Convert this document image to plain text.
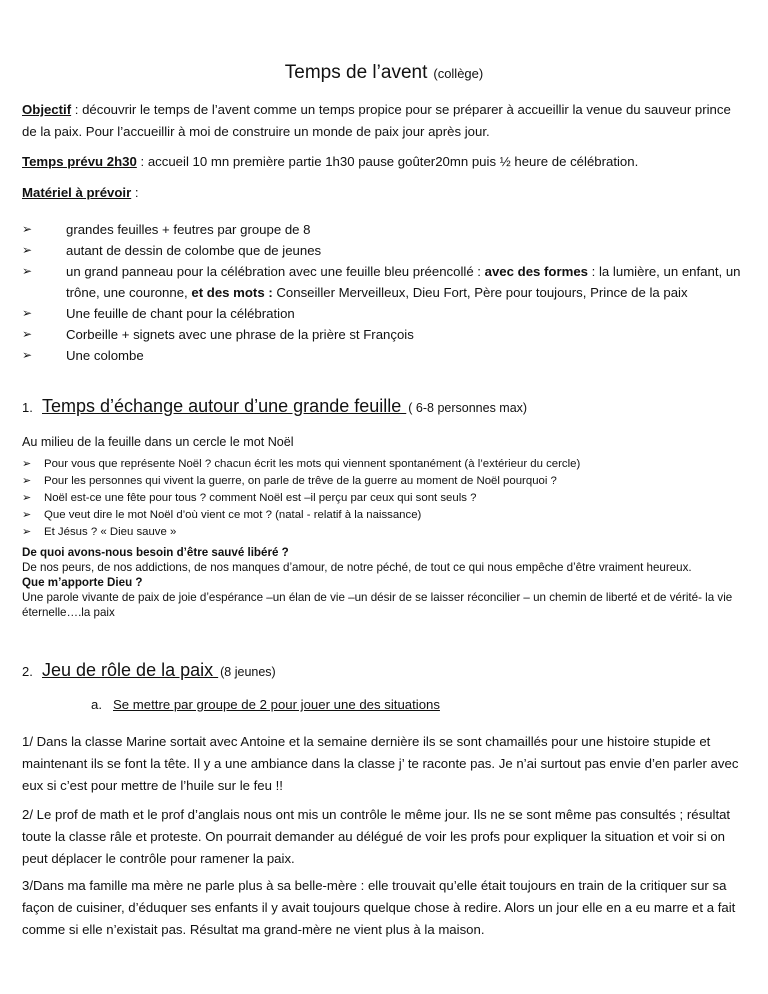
Temps de l’avent (collège)
Objectif : découvrir le temps de l’avent comme un temps propice pour se préparer à accueillir la venue du sauveur prince de la paix. Pour l’accueillir à moi de construire un monde de paix jour après jour.
Temps prévu 2h30 : accueil 10 mn première partie 1h30 pause goûter20mn puis ½ heure de célébration.
Matériel à prévoir :
➢ grandes feuilles + feutres par groupe de 8
➢ autant de dessin de colombe que de jeunes
➢ un grand panneau pour la célébration avec une feuille bleu préencollé : avec des formes : la lumière, un enfant, un trône, une couronne, et des mots : Conseiller Merveilleux, Dieu Fort, Père pour toujours, Prince de la paix
➢ Une feuille de chant pour la célébration
➢ Corbeille + signets avec une phrase de la prière st François
➢ Une colombe
1. Temps d’échange autour d’une grande feuille ( 6-8 personnes max)
Au milieu de la feuille dans un cercle le mot Noël
➢ Pour vous que représente Noël ? chacun écrit les mots qui viennent spontanément (à l’extérieur du cercle)
➢ Pour les personnes qui vivent la guerre, on parle de trêve de la guerre au moment de Noël pourquoi ?
➢ Noël est-ce une fête pour tous ? comment Noël est –il perçu par ceux qui sont seuls ?
➢ Que veut dire le mot Noël d’où vient ce mot ? (natal - relatif à la naissance)
➢ Et Jésus ? « Dieu sauve »
De quoi avons-nous besoin d’être sauvé libéré ?
De nos peurs, de nos addictions, de nos manques d’amour, de notre péché, de tout ce qui nous empêche d’être vraiment heureux.
Que m’apporte Dieu ?
Une parole vivante de paix de joie d’espérance –un élan de vie –un désir de se laisser réconcilier – un chemin de liberté et de vérité- la vie éternelle….la paix
2. Jeu de rôle de la paix (8 jeunes)
a. Se mettre par groupe de 2 pour jouer une des situations
1/ Dans la classe Marine sortait avec Antoine et la semaine dernière ils se sont chamaillés pour une histoire stupide et maintenant ils se font la tête. Il y a une ambiance dans la classe j’ te raconte pas. Je n’ai surtout pas envie d’en parler avec eux si c’est pour mettre de l’huile sur le feu !!
2/ Le prof de math et le prof d’anglais nous ont mis un contrôle le même jour. Ils ne se sont même pas consultés ; résultat toute la classe râle et proteste. On pourrait demander au délégué de voir les profs pour expliquer la situation et voir si on peut déplacer le contrôle pour ramener la paix.
3/Dans ma famille ma mère ne parle plus à sa belle-mère : elle trouvait qu’elle était toujours en train de la critiquer sur sa façon de cuisiner, d’éduquer ses enfants il y avait toujours quelque chose à redire. Alors un jour elle en a eu marre et a fait comme si elle n’existait pas. Résultat ma grand-mère ne vient plus à la maison.
